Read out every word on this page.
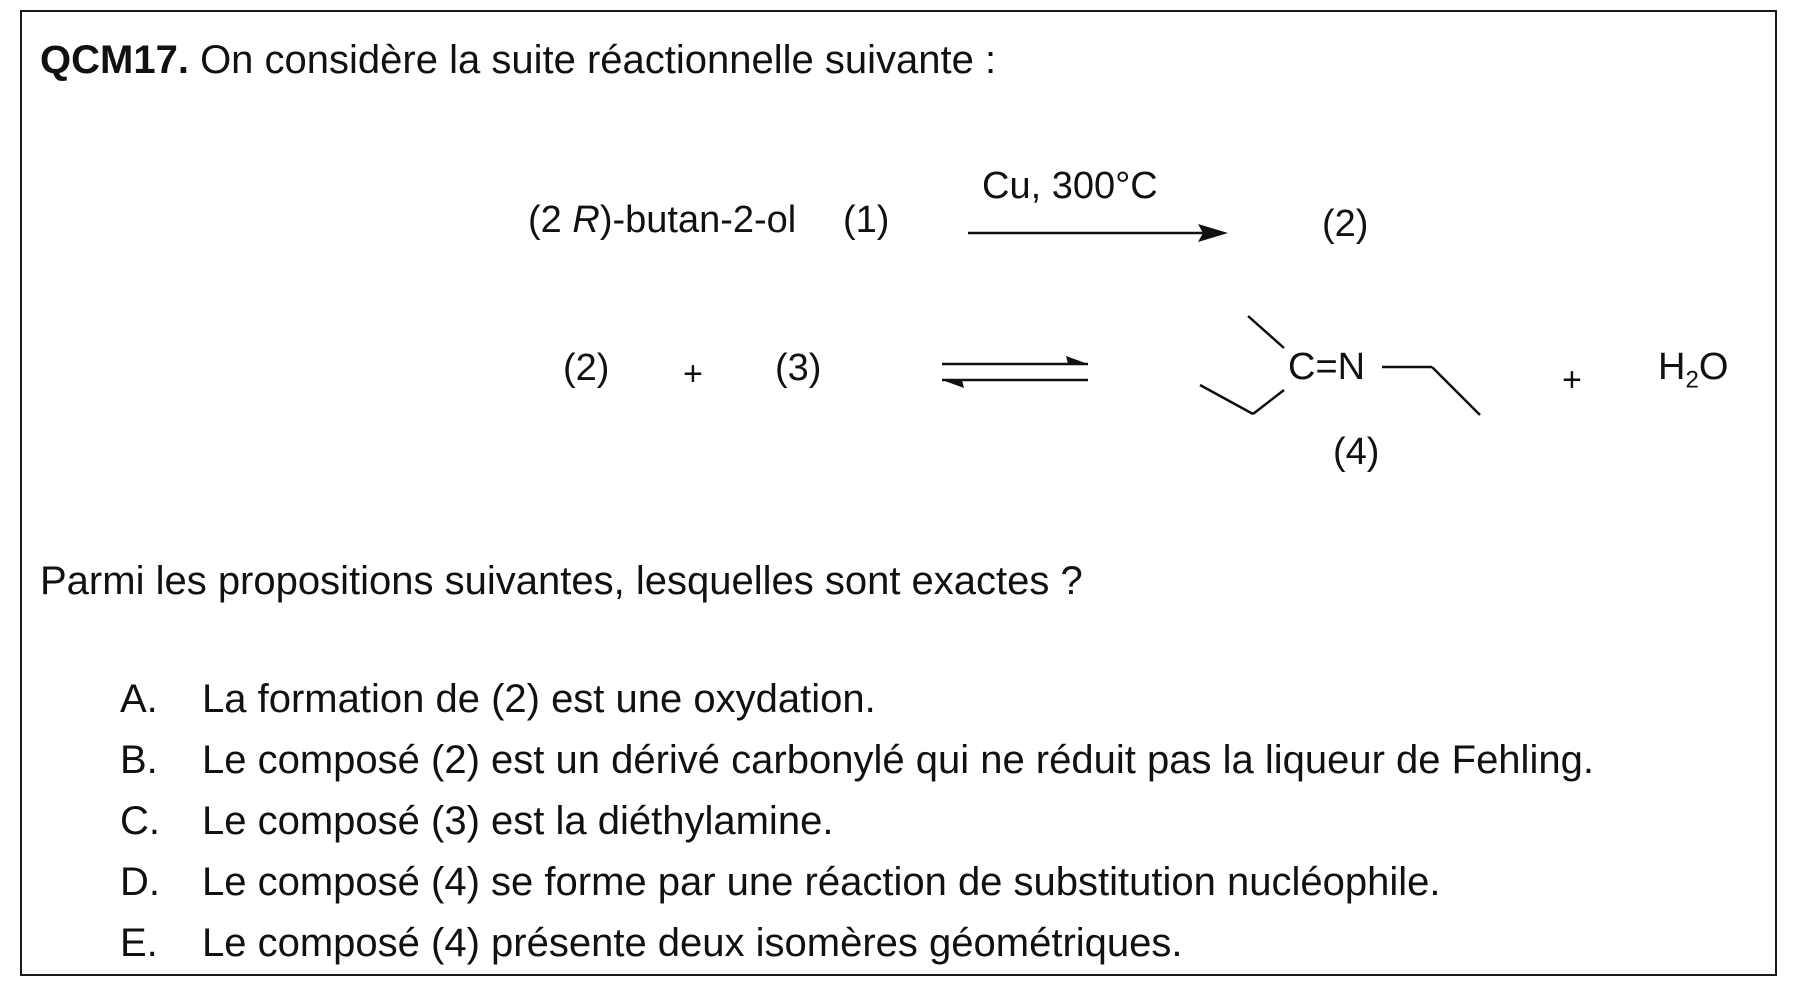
QCM17. On considère la suite réactionnelle suivante :
(2 R)-butan-2-ol (1)
Cu, 300°C
(2)
(2) + (3)	C=N
(4)
+ $H_2O$
Parmi les propositions suivantes, lesquelles sont exactes ?
A.	La formation de (2) est une oxydation.
B.	Le composé (2) est un dérivé carbonylé qui ne réduit pas la liqueur de Fehling.
C.	Le composé (3) est la diéthylamine.
D.	Le composé (4) se forme par une réaction de substitution nucléophile.
E.	Le composé (4) présente deux isomères géométriques.
